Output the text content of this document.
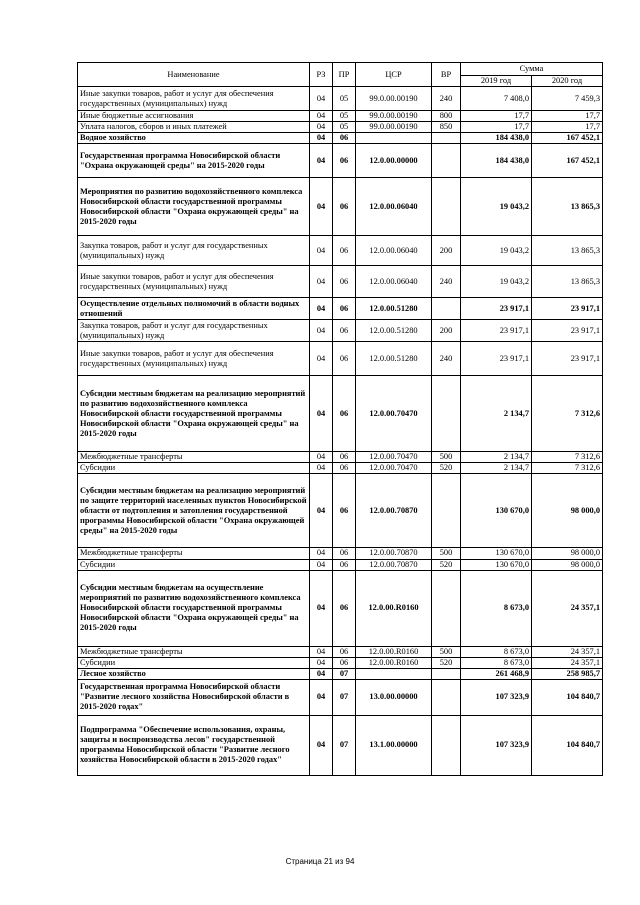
Наименование	РЗ	ПР	ЦСР	ВР	Сумма	
					2019 год	2020 год
Иные закупки товаров, работ и услуг для обеспечения государственных (муниципальных) нужд	04	05	99.0.00.00190	240	7 408,0	7 459,3
Иные бюджетные ассигнования	04	05	99.0.00.00190	800	17,7	17,7
Уплата налогов, сборов и иных платежей	04	05	99.0.00.00190	850	17,7	17,7
Водное хозяйство	04	06			184 438,0	167 452,1
Государственная программа Новосибирской области "Охрана окружающей среды" на 2015-2020 годы	04	06	12.0.00.00000		184 438,0	167 452,1
Мероприятия по развитию водохозяйственного комплекса Новосибирской области государственной программы Новосибирской области "Охрана окружающей среды" на 2015-2020 годы	04	06	12.0.00.06040		19 043,2	13 865,3
Закупка товаров, работ и услуг для государственных (муниципальных) нужд	04	06	12.0.00.06040	200	19 043,2	13 865,3
Иные закупки товаров, работ и услуг для обеспечения государственных (муниципальных) нужд	04	06	12.0.00.06040	240	19 043,2	13 865,3
Осуществление отдельных полномочий в области водных отношений	04	06	12.0.00.51280		23 917,1	23 917,1
Закупка товаров, работ и услуг для государственных (муниципальных) нужд	04	06	12.0.00.51280	200	23 917,1	23 917,1
Иные закупки товаров, работ и услуг для обеспечения государственных (муниципальных) нужд	04	06	12.0.00.51280	240	23 917,1	23 917,1
Субсидии местным бюджетам на реализацию мероприятий по развитию водохозяйственного комплекса Новосибирской области государственной программы Новосибирской области "Охрана окружающей среды" на 2015-2020 годы	04	06	12.0.00.70470		2 134,7	7 312,6
Межбюджетные трансферты	04	06	12.0.00.70470	500	2 134,7	7 312,6
Субсидии	04	06	12.0.00.70470	520	2 134,7	7 312,6
Субсидии местным бюджетам на реализацию мероприятий по защите территорий населенных пунктов Новосибирской области от подтопления и затопления государственной программы Новосибирской области "Охрана окружающей среды" на 2015-2020 годы	04	06	12.0.00.70870		130 670,0	98 000,0
Межбюджетные трансферты	04	06	12.0.00.70870	500	130 670,0	98 000,0
Субсидии	04	06	12.0.00.70870	520	130 670,0	98 000,0
Субсидии местным бюджетам на осуществление мероприятий по развитию водохозяйственного комплекса Новосибирской области государственной программы Новосибирской области "Охрана окружающей среды" на 2015-2020 годы	04	06	12.0.00.R0160		8 673,0	24 357,1
Межбюджетные трансферты	04	06	12.0.00.R0160	500	8 673,0	24 357,1
Субсидии	04	06	12.0.00.R0160	520	8 673,0	24 357,1
Лесное хозяйство	04	07			261 468,9	258 985,7
Государственная программа Новосибирской области "Развитие лесного хозяйства Новосибирской области в 2015-2020 годах"	04	07	13.0.00.00000		107 323,9	104 840,7
Подпрограмма "Обеспечение использования, охраны, защиты и воспроизводства лесов" государственной программы Новосибирской области "Развитие лесного хозяйства Новосибирской области в 2015-2020 годах"	04	07	13.1.00.00000		107 323,9	104 840,7
Страница 21 из 94
